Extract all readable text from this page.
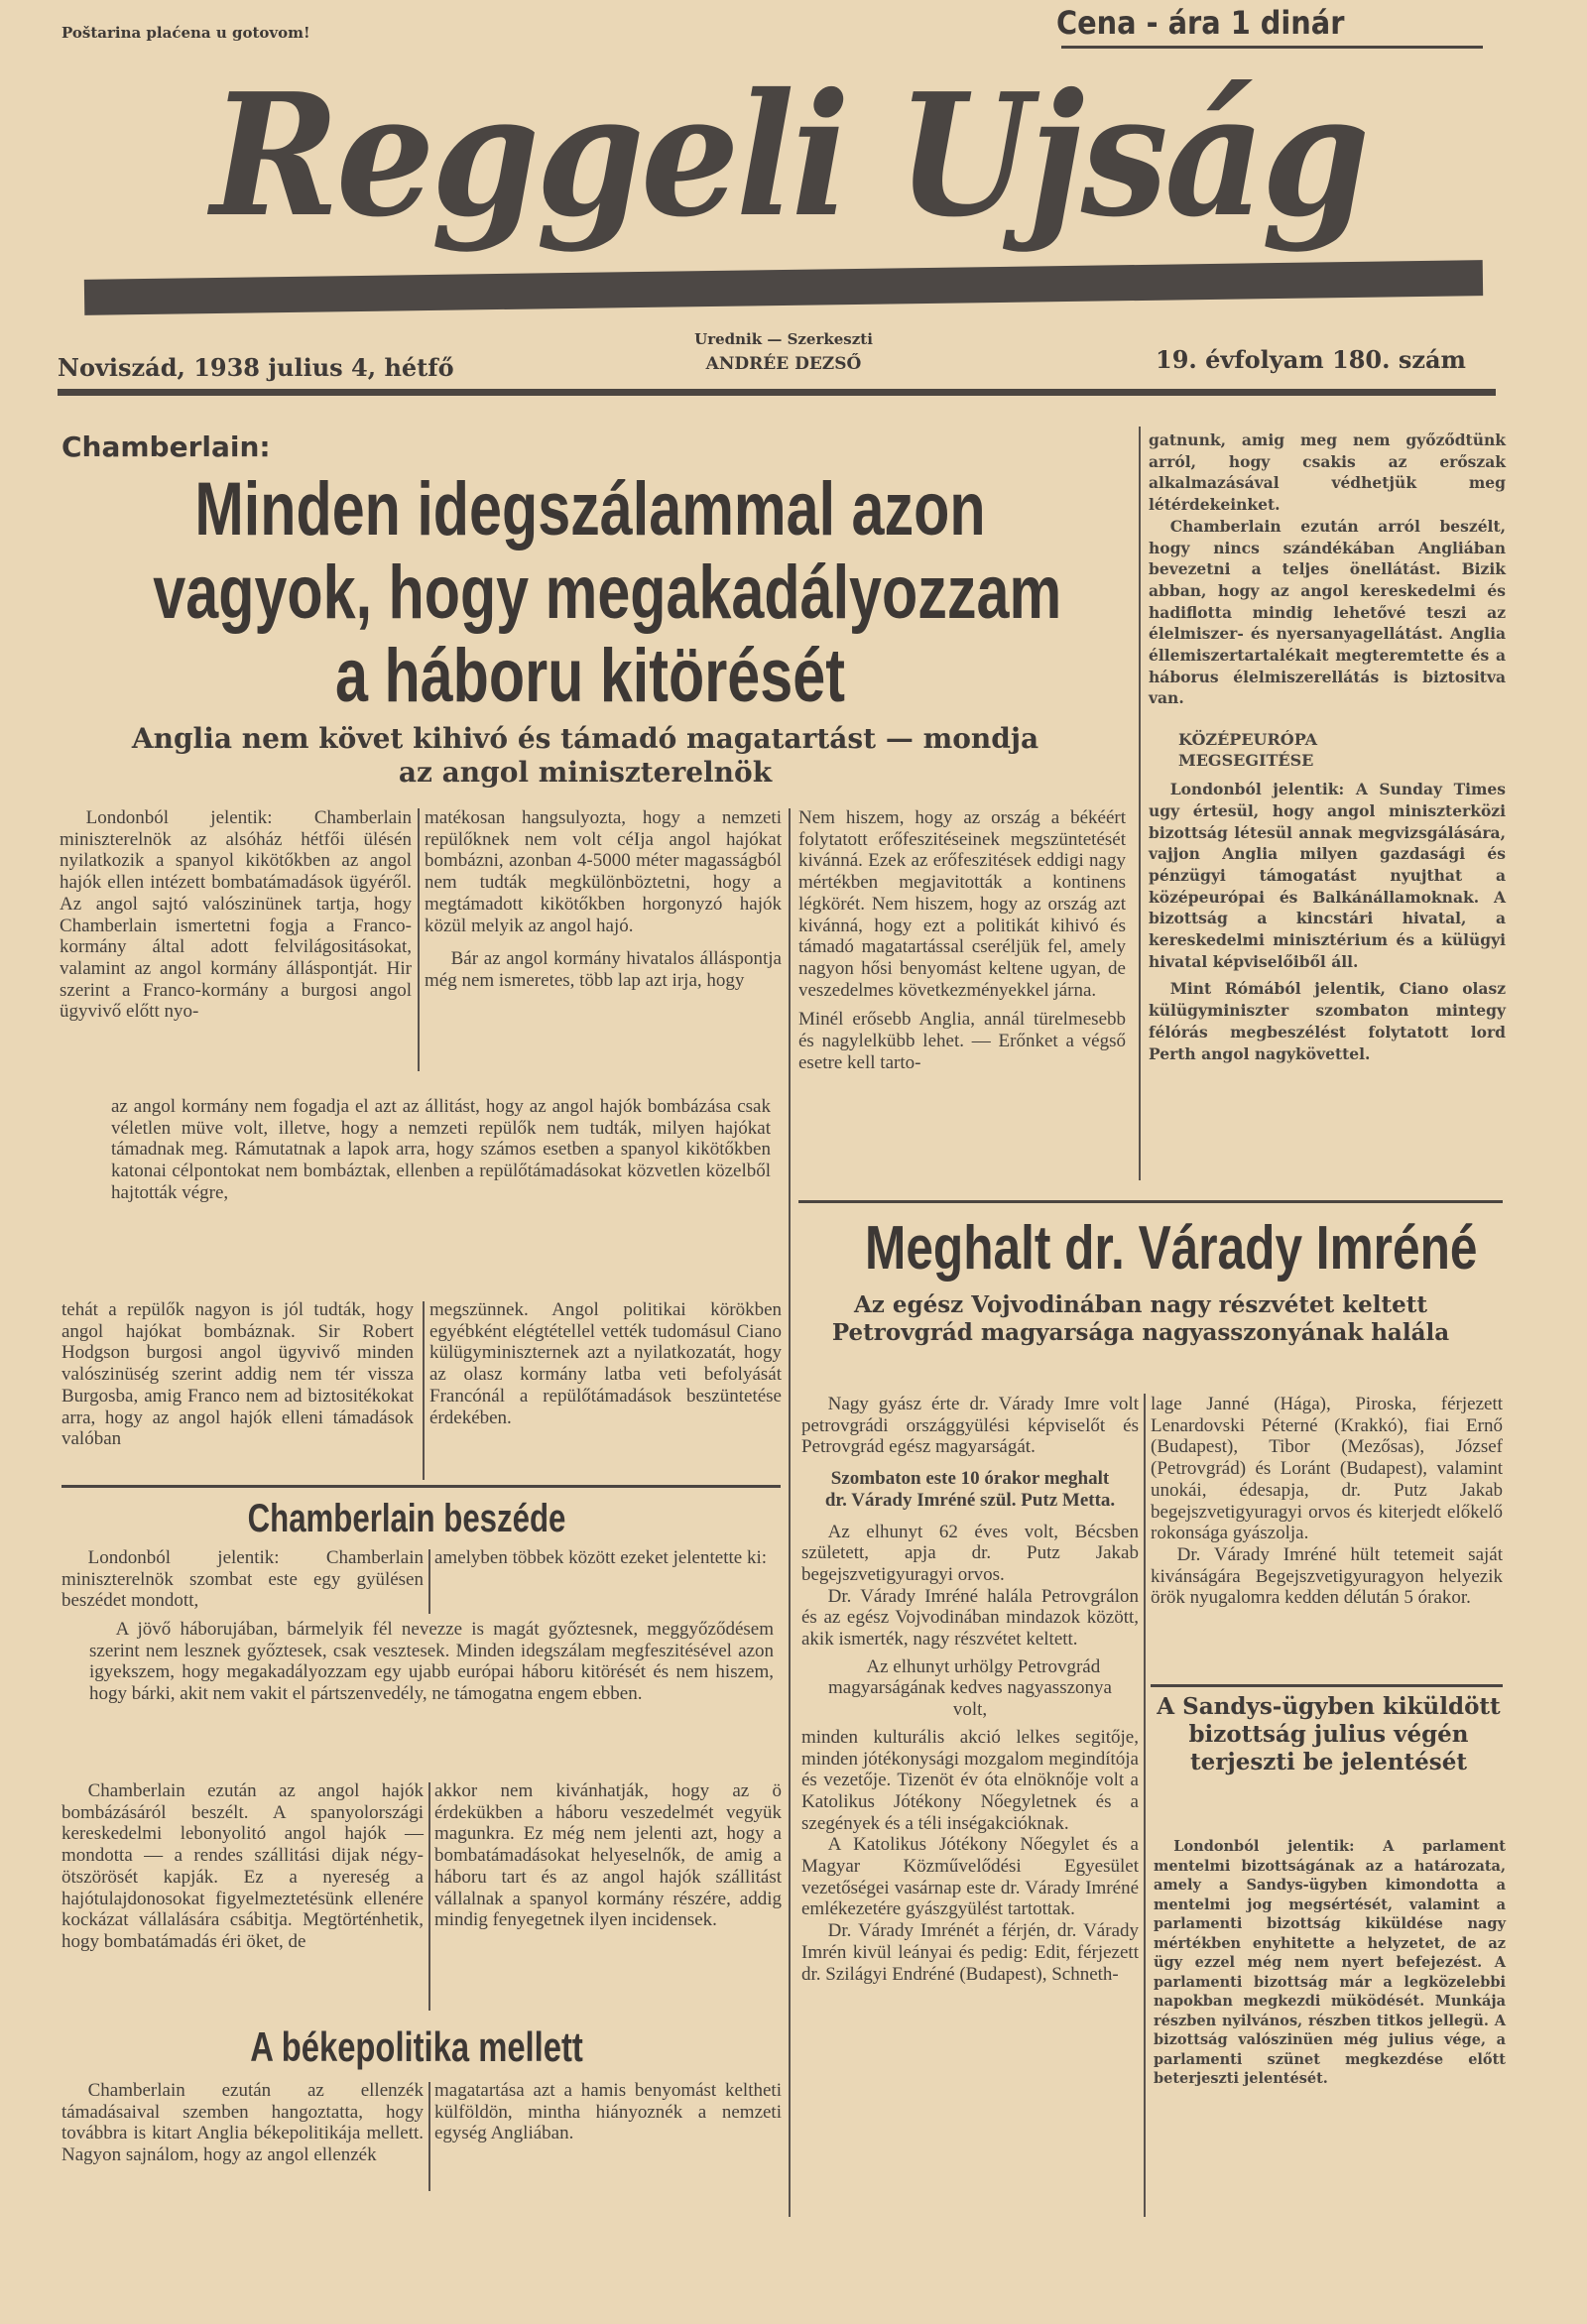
Poštarina plaćena u gotovom!	Cena - ára 1 dinár
Reggeli Ujság
Noviszád, 1938 julius 4, hétfő
Urednik — Szerkeszti
ANDRÉE DEZSŐ	19. évfolyam 180. szám
Chamberlain:
Minden idegszálammal azon
vagyok, hogy megakadályozzam
a háboru kitörését
Anglia nem követ kihivó és támadó magatartást — mondja
az angol miniszterelnök

Londonból jelentik: Chamberlain miniszterelnök az alsóház hétfői ülésén nyilatkozik a spanyol kikötőkben az angol hajók ellen intézett bombatámadások ügyéről. Az angol sajtó valószinünek tartja, hogy Chamberlain ismertetni fogja a Franco-kormány által adott felvilágositásokat, valamint az angol kormány álláspontját. Hir szerint a Franco-kormány a burgosi angol ügyvivő előtt nyo-

matékosan hangsulyozta, hogy a nemzeti repülőknek nem volt céIja angol hajókat bombázni, azonban 4-5000 méter magasságból nem tudták megkülönböztetni, hogy a megtámadott kikötőkben horgonyzó hajók közül melyik az angol hajó.

Bár az angol kormány hivatalos álláspontja még nem ismeretes, több lap azt irja, hogy

az angol kormány nem fogadja el azt az állitást, hogy az angol hajók bombázása csak véletlen müve volt, illetve, hogy a nemzeti repülők nem tudták, milyen hajókat támadnak meg. Rámutatnak a lapok arra, hogy számos esetben a spanyol kikötőkben katonai célpontokat nem bombáztak, ellenben a repülőtámadásokat közvetlen közelből hajtották végre,

tehát a repülők nagyon is jól tudták, hogy angol hajókat bombáznak. Sir Robert Hodgson burgosi angol ügyvivő minden valószinüség szerint addig nem tér vissza Burgosba, amig Franco nem ad biztositékokat arra, hogy az angol hajók elleni támadások valóban

megszünnek. Angol politikai körökben egyébként elégtétellel vették tudomásul Ciano külügyminiszternek azt a nyilatkozatát, hogy az olasz kormány latba veti befolyását Francónál a repülőtámadások beszüntetése érdekében.

Nem hiszem, hogy az ország a békéért folytatott erőfeszitéseinek megszüntetését kivánná. Ezek az erőfeszitések eddigi nagy mértékben megjavitották a kontinens légkörét. Nem hiszem, hogy az ország azt kivánná, hogy ezt a politikát kihivó és támadó magatartással cseréljük fel, amely nagyon hősi benyomást keltene ugyan, de veszedelmes következményekkel járna.

Minél erősebb Anglia, annál türelmesebb és nagylelkübb lehet. — Erőnket a végső esetre kell tarto-

gatnunk, amig meg nem győződtünk arról, hogy csakis az erőszak alkalmazásával védhetjük meg létérdekeinket.

Chamberlain ezután arról beszélt, hogy nincs szándékában Angliában bevezetni a teljes önellátást. Bizik abban, hogy az angol kereskedelmi és hadiflotta mindig lehetővé teszi az élelmiszer- és nyersanyagellátást. Anglia éllemiszertartalékait megteremtette és a háborus élelmiszerellátás is biztositva van.

KÖZÉPEURÓPA MEGSEGITÉSE

Londonból jelentik: A Sunday Times ugy értesül, hogy angol miniszterközi bizottság létesül annak megvizsgálására, vajjon Anglia milyen gazdasági és pénzügyi támogatást nyujthat a középeurópai és Balkánállamoknak. A bizottság a kincstári hivatal, a kereskedelmi minisztérium és a külügyi hivatal képviselőiből áll.

Mint Rómából jelentik, Ciano olasz külügyminiszter szombaton mintegy félórás megbeszélést folytatott lord Perth angol nagykövettel.

Meghalt dr. Várady Imréné
Az egész Vojvodinában nagy részvétet keltett Petrovgrád magyarsága nagyasszonyának halála

Nagy gyász érte dr. Várady Imre volt petrovgrádi országgyülési képviselőt és Petrovgrád egész magyarságát.

Szombaton este 10 órakor meghalt dr. Várady Imréné szül. Putz Metta.

Az elhunyt 62 éves volt, Bécsben született, apja dr. Putz Jakab begejszvetigyuragyi orvos.

Dr. Várady Imréné halála Petrovgrálon és az egész Vojvodinában mindazok között, akik ismerték, nagy részvétet keltett.

Az elhunyt urhölgy Petrovgrád magyarságának kedves nagyasszonya volt,

minden kulturális akció lelkes segitője, minden jótékonysági mozgalom megindítója és vezetője. Tizenöt év óta elnöknője volt a Katolikus Jótékony Nőegyletnek és a szegények és a téli inségakcióknak.

A Katolikus Jótékony Nőegylet és a Magyar Közművelődési Egyesület vezetőségei vasárnap este dr. Várady Imréné emlékezetére gyászgyülést tartottak.

Dr. Várady Imrénét a férjén, dr. Várady Imrén kivül leányai és pedig: Edit, férjezett dr. Szilágyi Endréné (Budapest), Schneth-

lage Janné (Hága), Piroska, férjezett Lenardovski Péterné (Krakkó), fiai Ernő (Budapest), Tibor (Mezősas), József (Petrovgrád) és Loránt (Budapest), valamint unokái, édesapja, dr. Putz Jakab begejszvetigyuragyi orvos és kiterjedt előkelő rokonsága gyászolja.

Dr. Várady Imréné hült tetemeit saját kivánságára Begejszvetigyuragyon helyezik örök nyugalomra kedden délután 5 órakor.

A Sandys-ügyben kiküldött bizottság julius végén terjeszti be jelentését

Londonból jelentik: A parlament mentelmi bizottságának az a határozata, amely a Sandys-ügyben kimondotta a mentelmi jog megsértését, valamint a parlamenti bizottság kiküldése nagy mértékben enyhitette a helyzetet, de az ügy ezzel még nem nyert befejezést. A parlamenti bizottság már a legközelebbi napokban megkezdi müködését. Munkája részben nyilvános, részben titkos jellegü. A bizottság valószinüen még julius vége, a parlamenti szünet megkezdése előtt beterjeszti jelentését.

Chamberlain beszéde

Londonból jelentik: Chamberlain miniszterelnök szombat este egy gyülésen beszédet mondott,

amelyben többek között ezeket jelentette ki:

A jövő háborujában, bármelyik fél nevezze is magát győztesnek, meggyőződésem szerint nem lesznek győztesek, csak vesztesek. Minden idegszálam megfeszitésével azon igyekszem, hogy megakadályozzam egy ujabb európai háboru kitörését és nem hiszem, hogy bárki, akit nem vakit el pártszenvedély, ne támogatna engem ebben.

Chamberlain ezután az angol hajók bombázásáról beszélt. A spanyolországi kereskedelmi lebonyolitó angol hajók — mondotta — a rendes szállitási dijak négy-ötszörösét kapják. Ez a nyereség a hajótulajdonosokat figyelmeztetésünk ellenére kockázat vállalására csábitja. Megtörténhetik, hogy bombatámadás éri öket, de

akkor nem kivánhatják, hogy az ö érdekükben a háboru veszedelmét vegyük magunkra. Ez még nem jelenti azt, hogy a bombatámadásokat helyeselnők, de amig a háboru tart és az angol hajók szállitást vállalnak a spanyol kormány részére, addig mindig fenyegetnek ilyen incidensek.

A békepolitika mellett

Chamberlain ezután az ellenzék támadásaival szemben hangoztatta, hogy továbbra is kitart Anglia békepolitikája mellett. Nagyon sajnálom, hogy az angol ellenzék

magatartása azt a hamis benyomást keltheti külföldön, mintha hiányoznék a nemzeti egység Angliában.
